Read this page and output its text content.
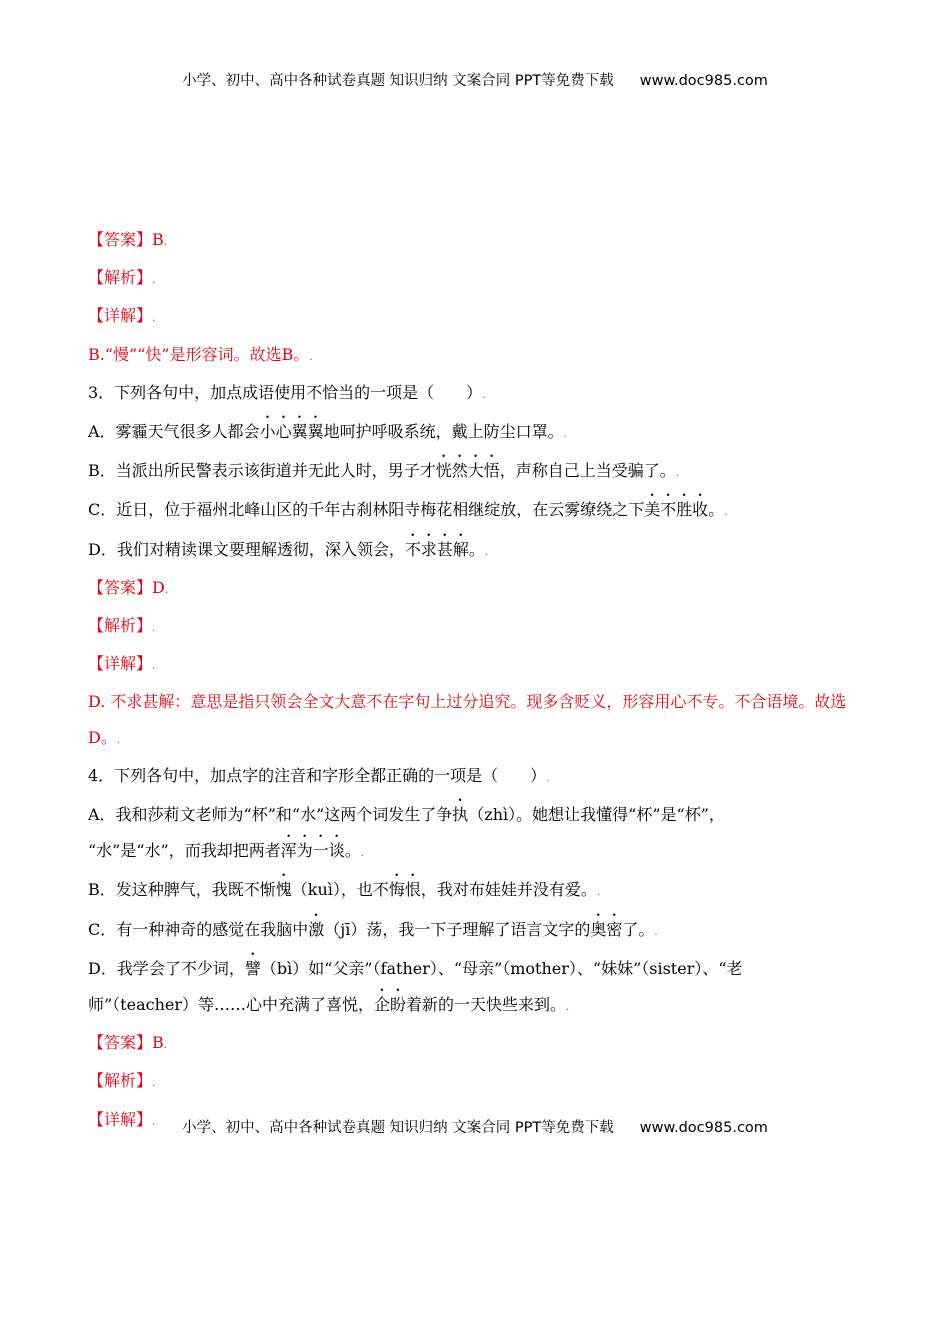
小学、初中、高中各种试卷真题 知识归纳 文案合同 PPT等免费下载 www.doc985.com

【答案】B.

【解析】.

【详解】.

B.“慢”“快”是形容词。故选B。.

3．下列各句中，加点成语使用不恰当的一项是（　　）.

A．雾霾天气很多人都会小心翼翼地呵护呼吸系统，戴上防尘口罩。.

B．当派出所民警表示该街道并无此人时，男子才恍然大悟，声称自己上当受骗了。.

C．近日，位于福州北峰山区的千年古刹林阳寺梅花相继绽放，在云雾缭绕之下美不胜收。.

D．我们对精读课文要理解透彻，深入领会，不求甚解。.

【答案】D.

【解析】.

【详解】.

D. 不求甚解：意思是指只领会全文大意不在字句上过分追究。现多含贬义，形容用心不专。不合语境。故选D。.

4．下列各句中，加点字的注音和字形全都正确的一项是（　　）.

A．我和莎莉文老师为“杯”和“水”这两个词发生了争执（zhì）。她想让我懂得“杯”是“杯”，

“水”是“水”，而我却把两者浑为一谈。.

B．发这种脾气，我既不惭愧（kuì），也不悔恨，我对布娃娃并没有爱。.

C．有一种神奇的感觉在我脑中激（jī）荡，我一下子理解了语言文字的奥密了。.

D．我学会了不少词，譬（bì）如“父亲”（father）、“母亲”（mother）、“妹妹”（sister）、“老

师”（teacher）等……心中充满了喜悦，企盼着新的一天快些来到。.

【答案】B.

【解析】.

【详解】.	小学、初中、高中各种试卷真题 知识归纳 文案合同 PPT等免费下载 www.doc985.com
